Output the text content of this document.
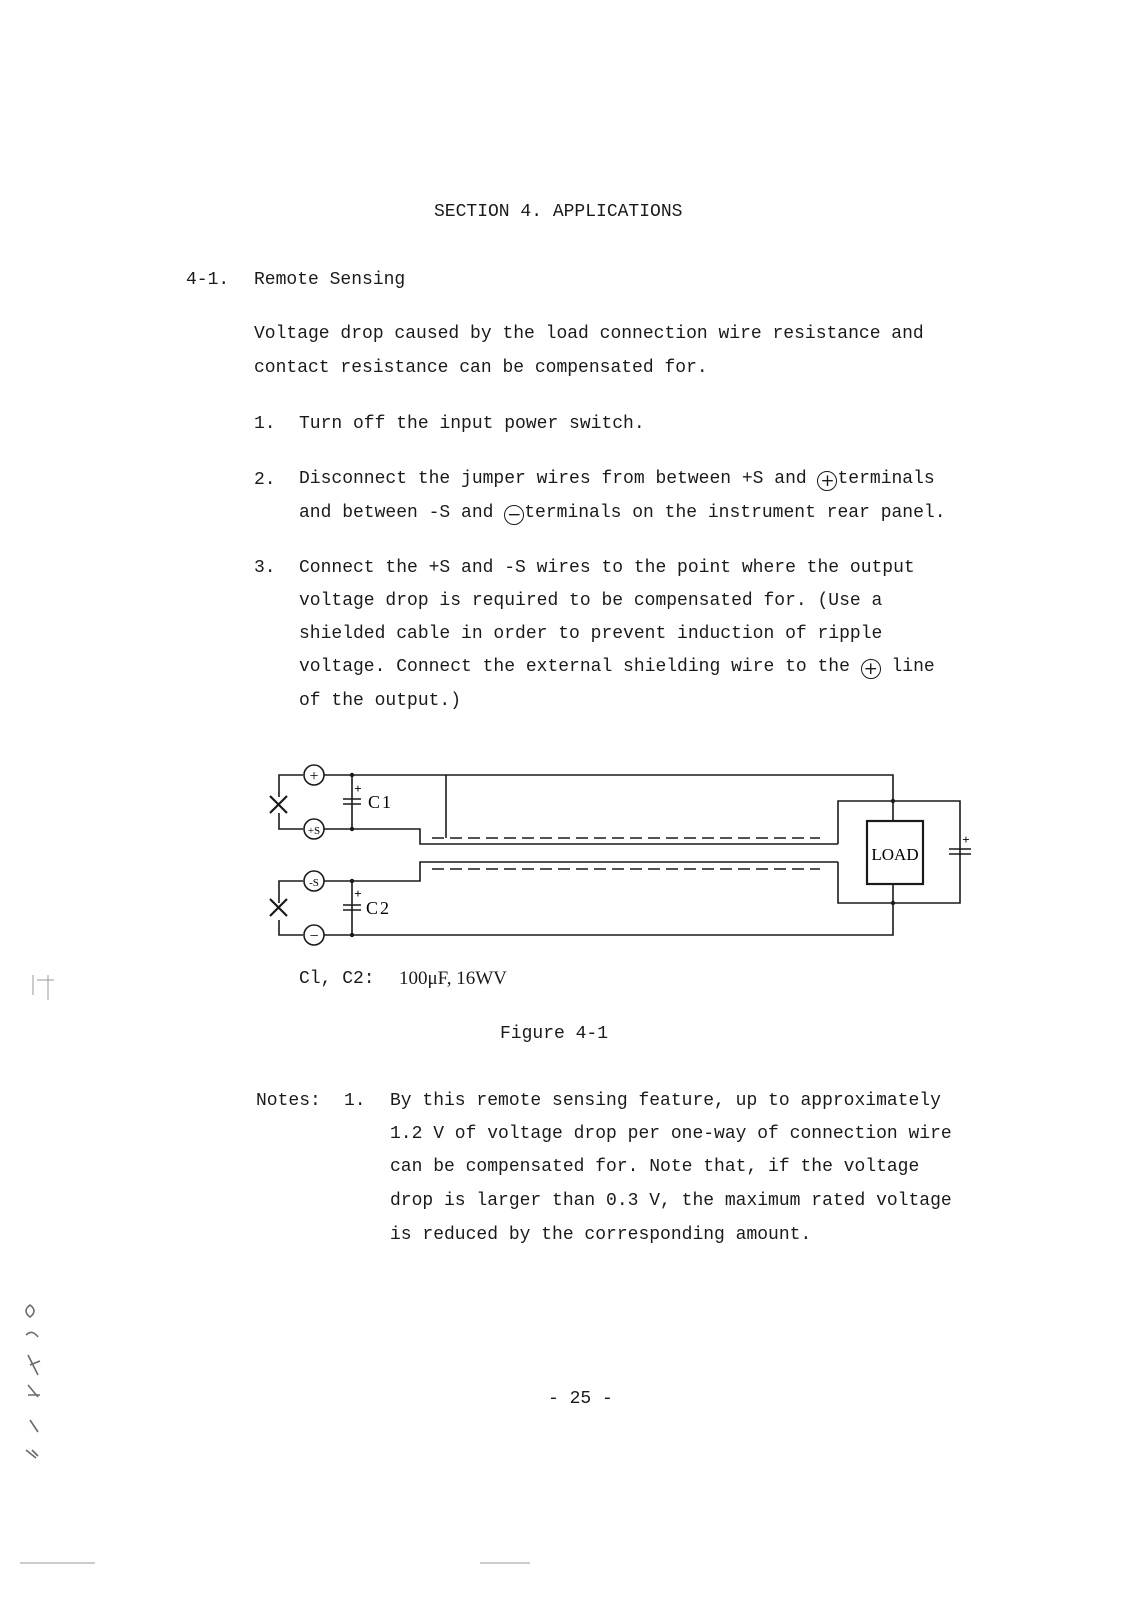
SECTION 4. APPLICATIONS
4-1. Remote Sensing
Voltage drop caused by the load connection wire resistance and
contact resistance can be compensated for.
1. Turn off the input power switch.
2. Disconnect the jumper wires from between +S and + terminals
and between -S and − terminals on the instrument rear panel.
3. Connect the +S and -S wires to the point where the output
voltage drop is required to be compensated for. (Use a
shielded cable in order to prevent induction of ripple
voltage. Connect the external shielding wire to the + line
of the output.)
+
+S
-S
−
+
+
+
C1
C2
LOAD
Cl, C2: 100μF, 16WV
Figure 4-1
Notes: 1. By this remote sensing feature, up to approximately
1.2 V of voltage drop per one-way of connection wire
can be compensated for. Note that, if the voltage
drop is larger than 0.3 V, the maximum rated voltage
is reduced by the corresponding amount.
- 25 -
